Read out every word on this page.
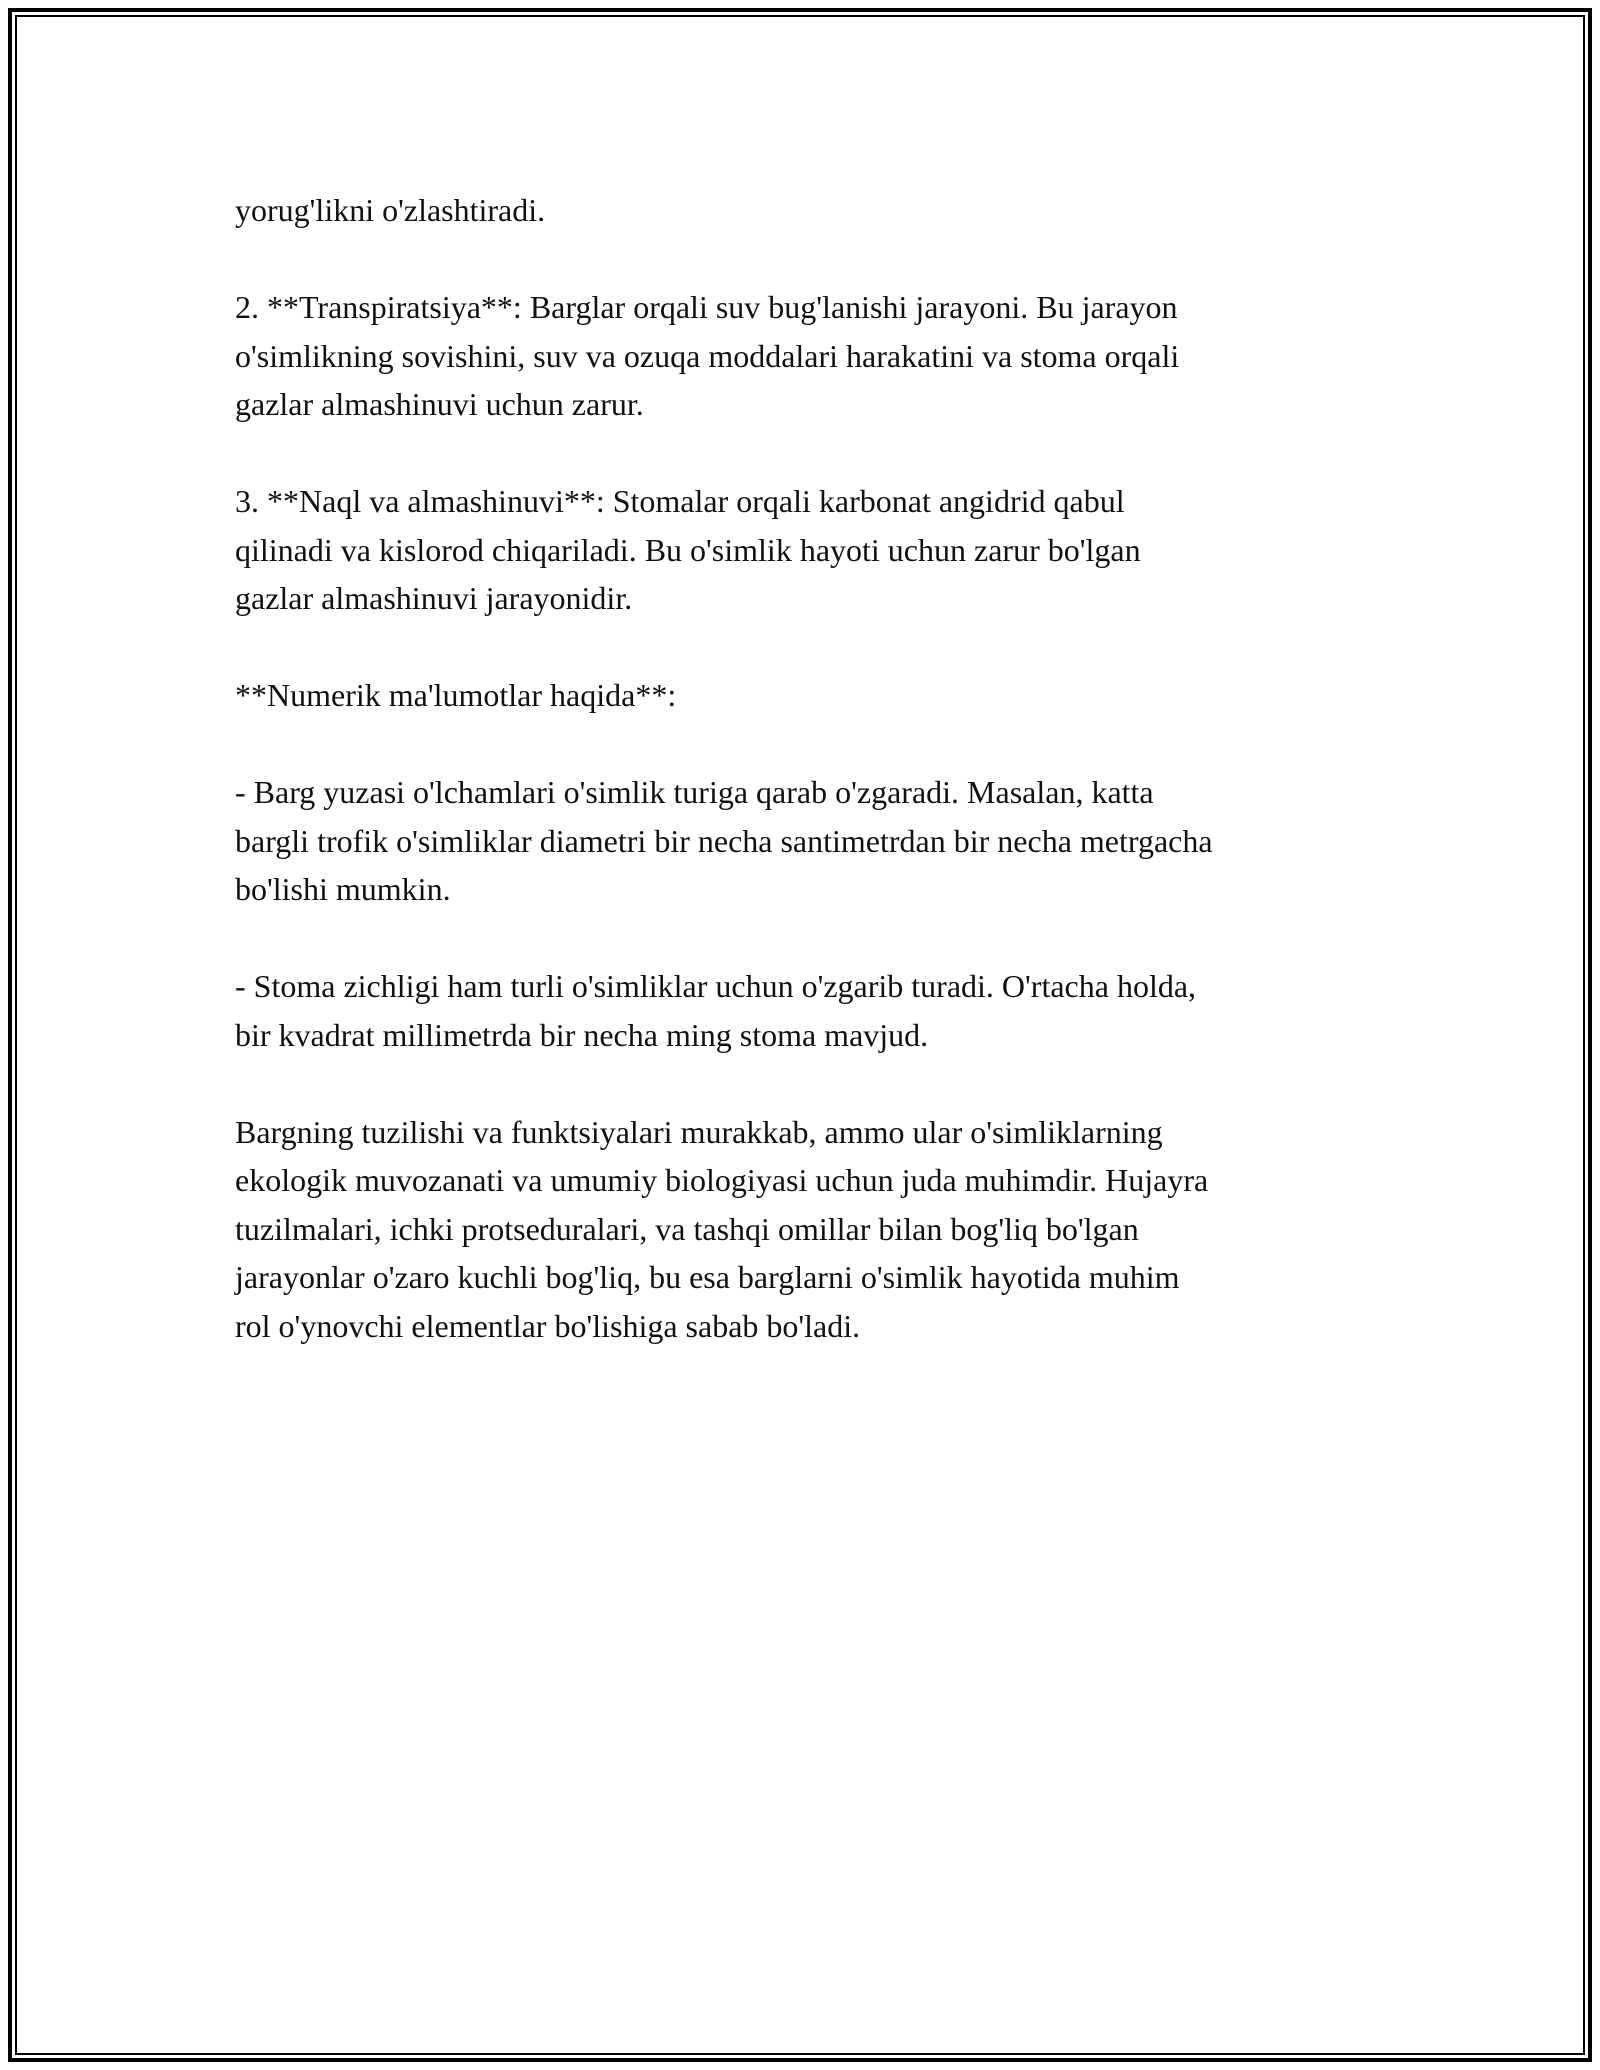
yorug'likni o'zlashtiradi.

2. **Transpiratsiya**: Barglar orqali suv bug'lanishi jarayoni. Bu jarayon
o'simlikning sovishini, suv va ozuqa moddalari harakatini va stoma orqali
gazlar almashinuvi uchun zarur.

3. **Naql va almashinuvi**: Stomalar orqali karbonat angidrid qabul
qilinadi va kislorod chiqariladi. Bu o'simlik hayoti uchun zarur bo'lgan
gazlar almashinuvi jarayonidir.

**Numerik ma'lumotlar haqida**:

- Barg yuzasi o'lchamlari o'simlik turiga qarab o'zgaradi. Masalan, katta
bargli trofik o'simliklar diametri bir necha santimetrdan bir necha metrgacha
bo'lishi mumkin.

- Stoma zichligi ham turli o'simliklar uchun o'zgarib turadi. O'rtacha holda,
bir kvadrat millimetrda bir necha ming stoma mavjud.

Bargning tuzilishi va funktsiyalari murakkab, ammo ular o'simliklarning
ekologik muvozanati va umumiy biologiyasi uchun juda muhimdir. Hujayra
tuzilmalari, ichki protseduralari, va tashqi omillar bilan bog'liq bo'lgan
jarayonlar o'zaro kuchli bog'liq, bu esa barglarni o'simlik hayotida muhim
rol o'ynovchi elementlar bo'lishiga sabab bo'ladi.
